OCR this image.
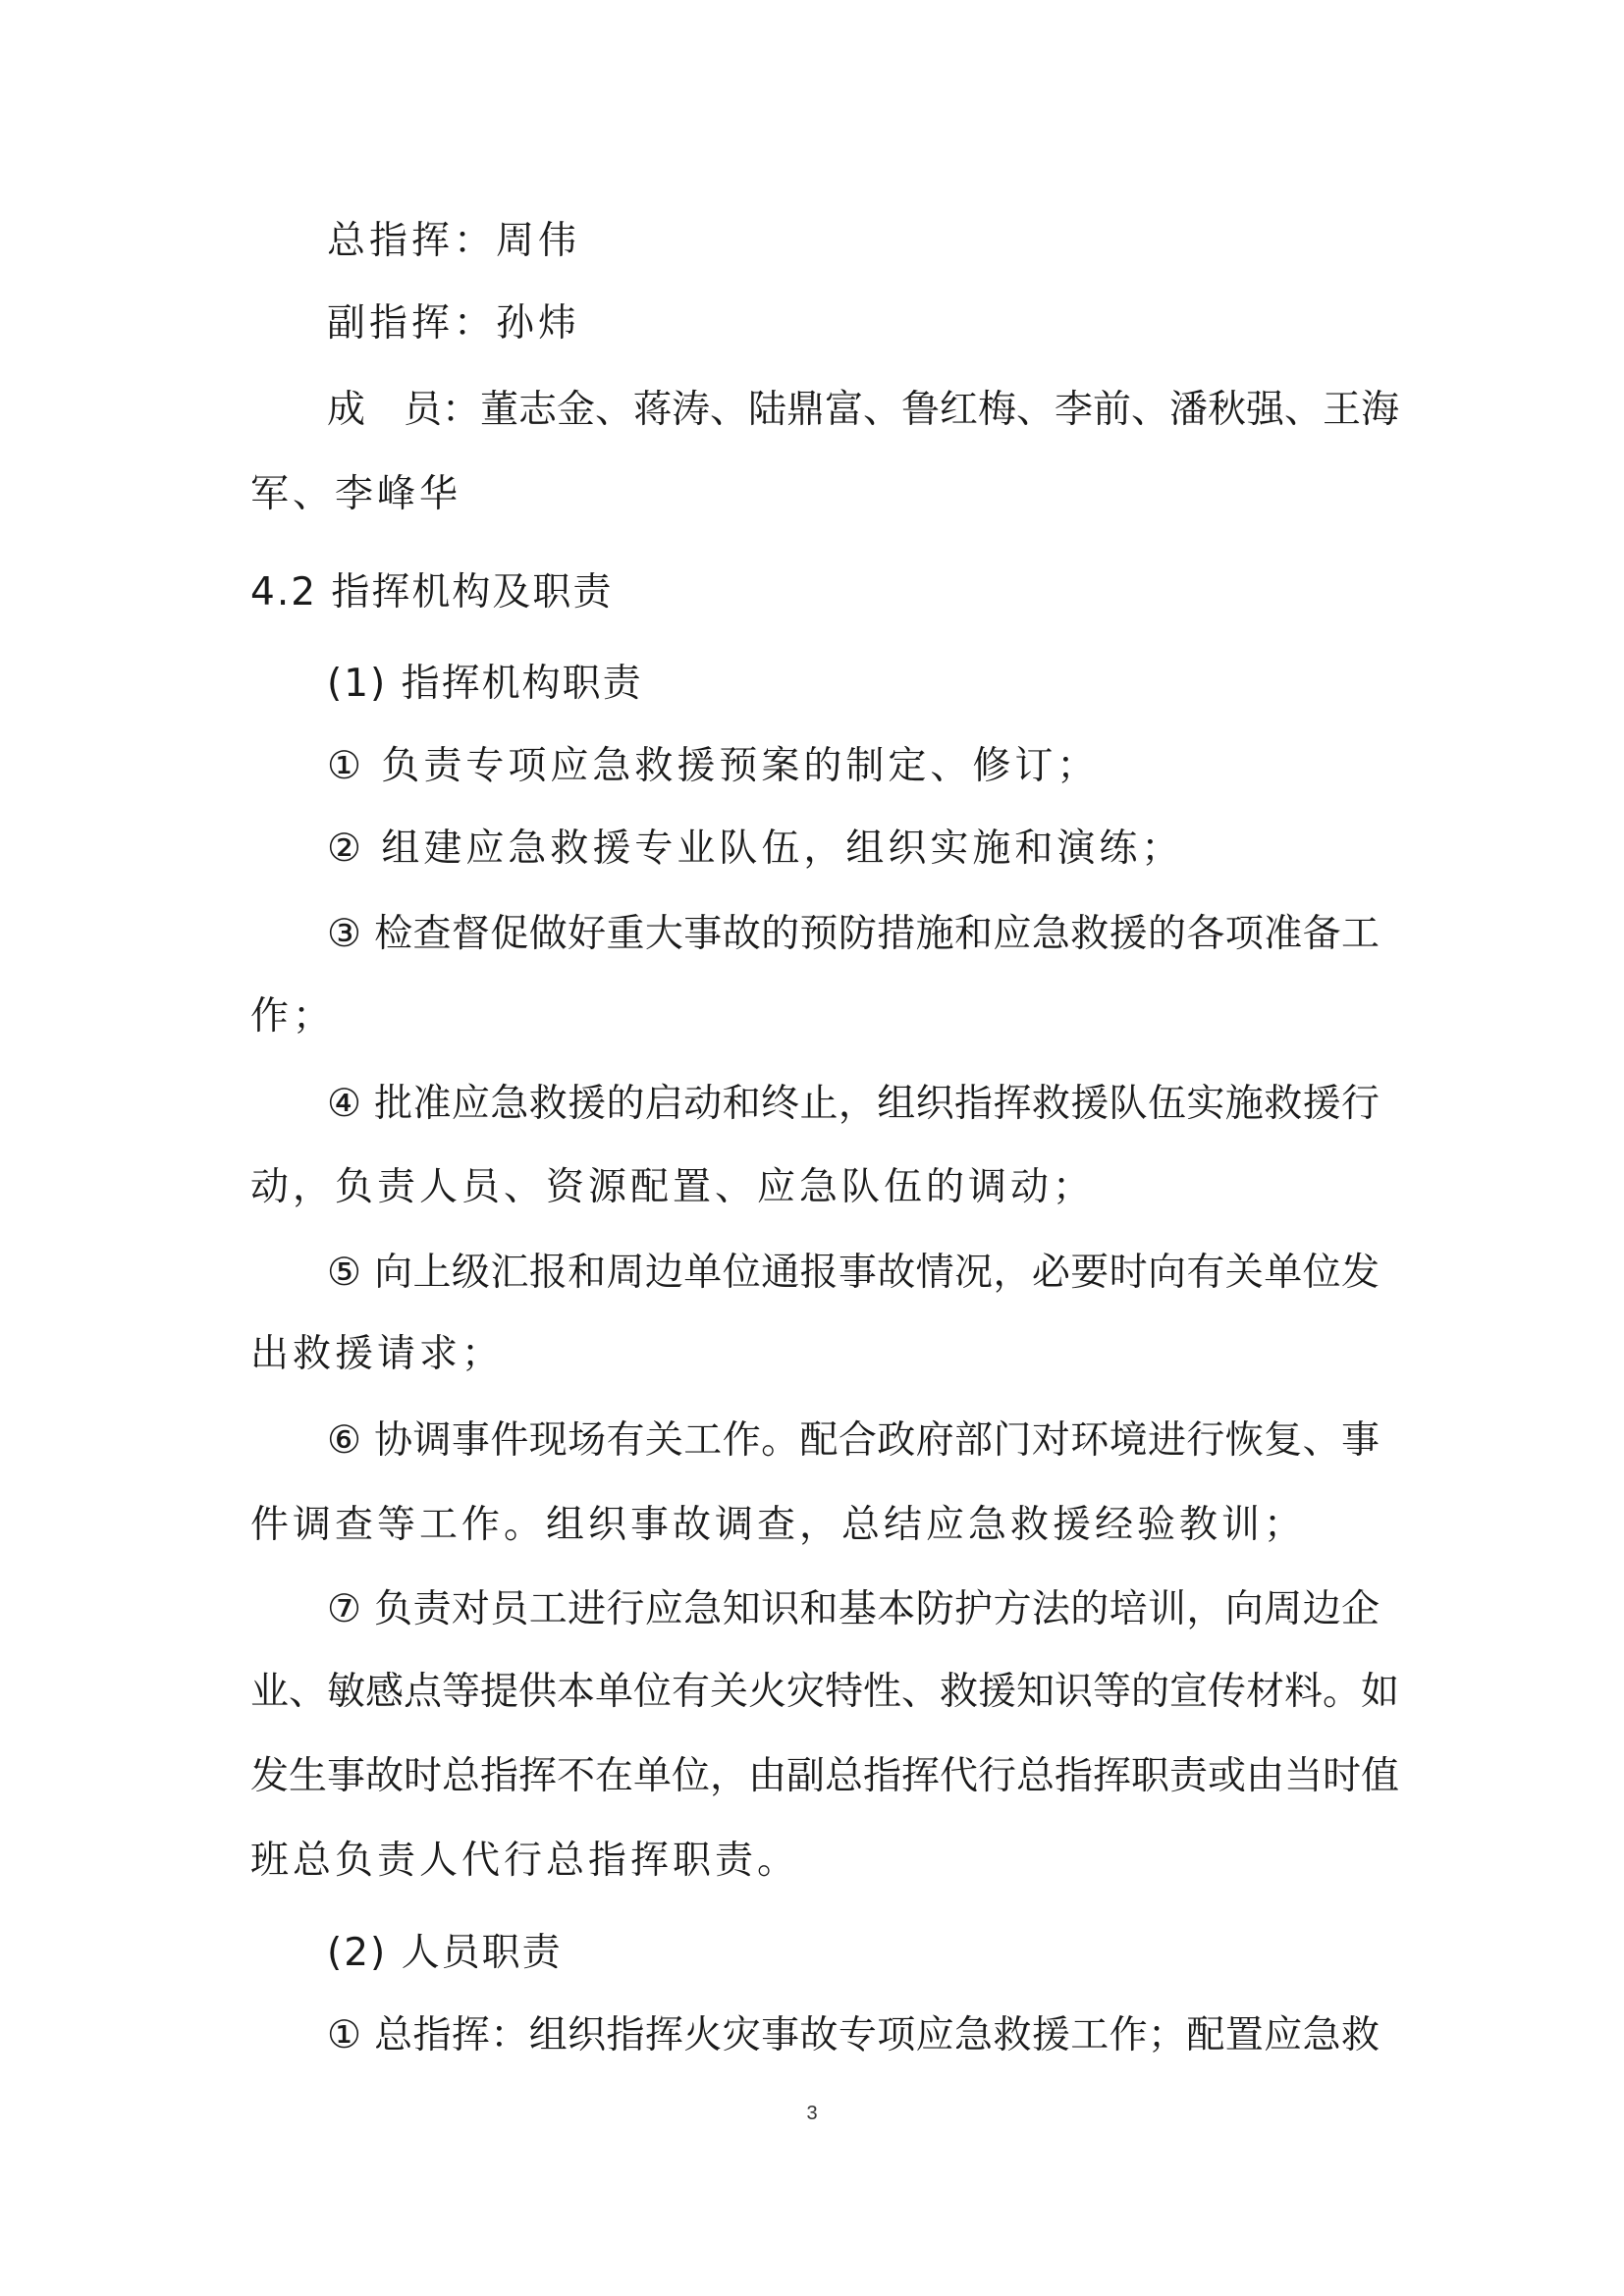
总指挥：周伟
副指挥：孙炜
成　员：董志金、蒋涛、陆鼎富、鲁红梅、李前、潘秋强、王海
军、李峰华
4.2 指挥机构及职责
(1) 指挥机构职责
① 负责专项应急救援预案的制定、修订；
② 组建应急救援专业队伍，组织实施和演练；
③ 检查督促做好重大事故的预防措施和应急救援的各项准备工
作；
④ 批准应急救援的启动和终止，组织指挥救援队伍实施救援行
动，负责人员、资源配置、应急队伍的调动；
⑤ 向上级汇报和周边单位通报事故情况，必要时向有关单位发
出救援请求；
⑥ 协调事件现场有关工作。配合政府部门对环境进行恢复、事
件调查等工作。组织事故调查，总结应急救援经验教训；
⑦ 负责对员工进行应急知识和基本防护方法的培训，向周边企
业、敏感点等提供本单位有关火灾特性、救援知识等的宣传材料。如
发生事故时总指挥不在单位，由副总指挥代行总指挥职责或由当时值
班总负责人代行总指挥职责。
(2) 人员职责
① 总指挥：组织指挥火灾事故专项应急救援工作；配置应急救
3
